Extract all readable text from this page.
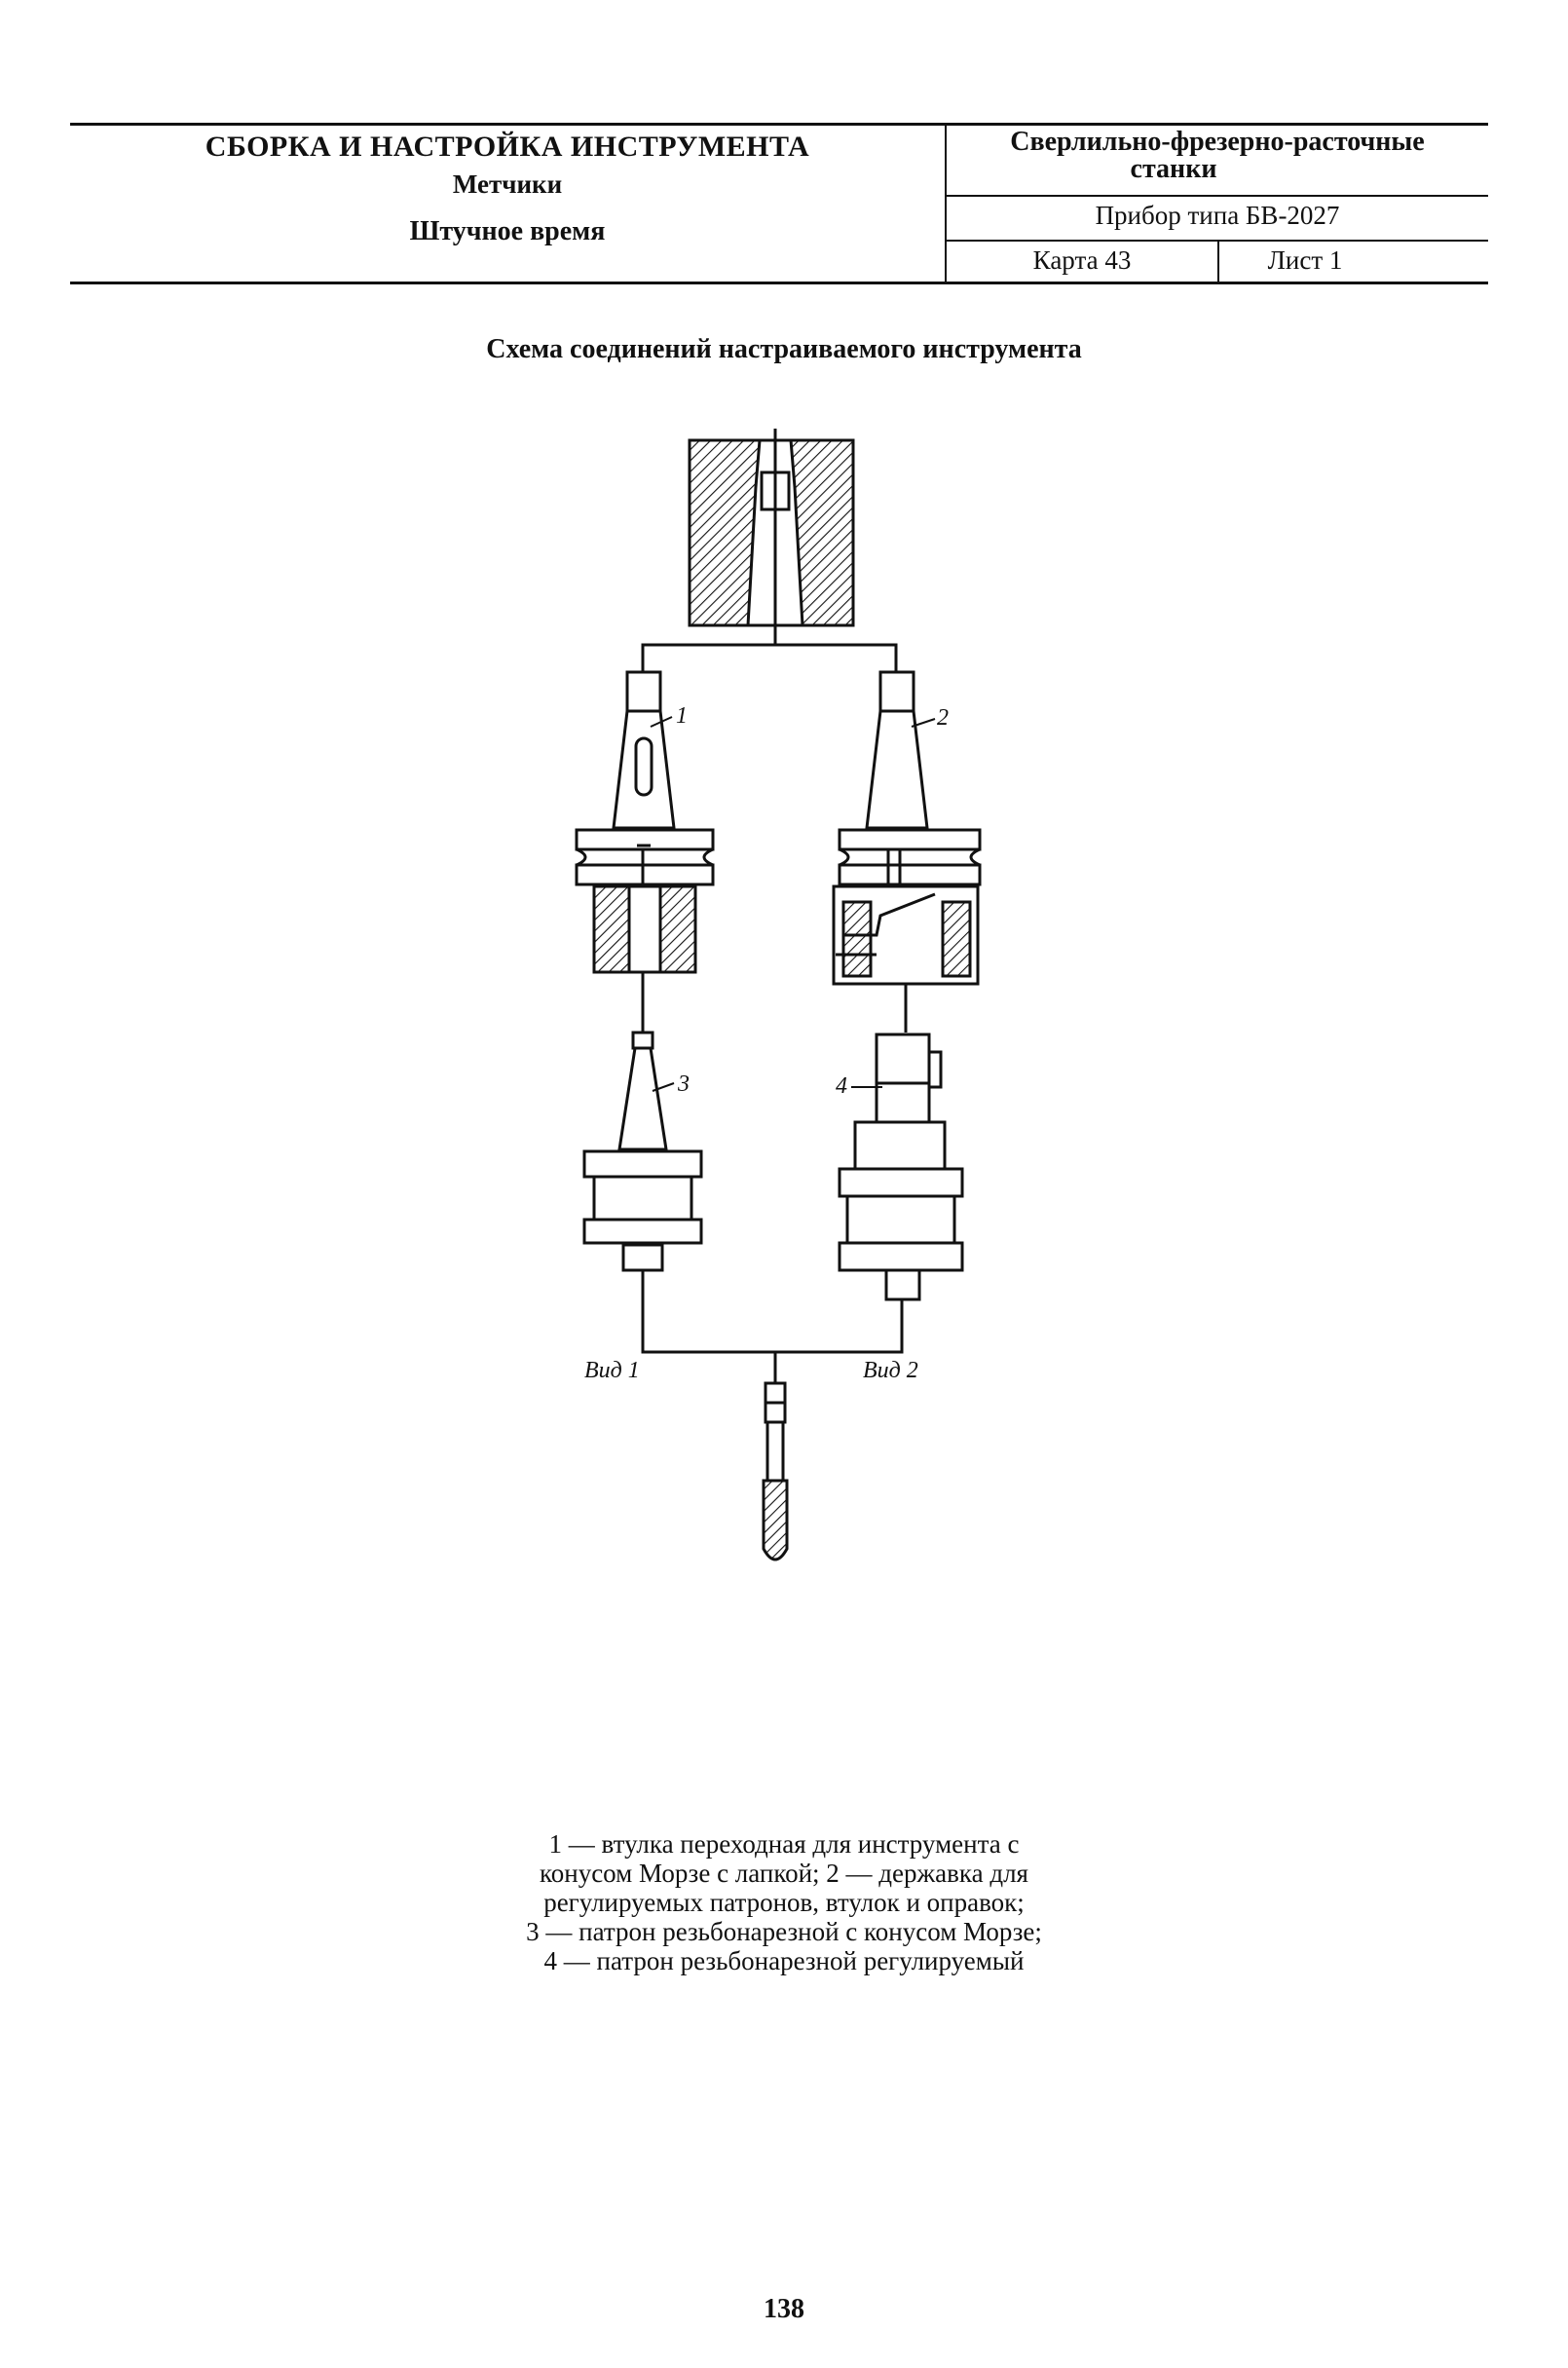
СБОРКА И НАСТРОЙКА ИНСТРУМЕНТА
Метчики
Штучное время
Сверлильно-фрезерно-расточные
станки
Прибор типа БВ-2027
Карта 43	Лист 1
Схема соединений настраиваемого инструмента
1	2
3	4
Вид 1	Вид 2
1 — втулка переходная для инструмента с
конусом Морзе с лапкой; 2 — державка для
регулируемых патронов, втулок и оправок;
3 — патрон резьбонарезной с конусом Морзе;
4 — патрон резьбонарезной регулируемый
138
